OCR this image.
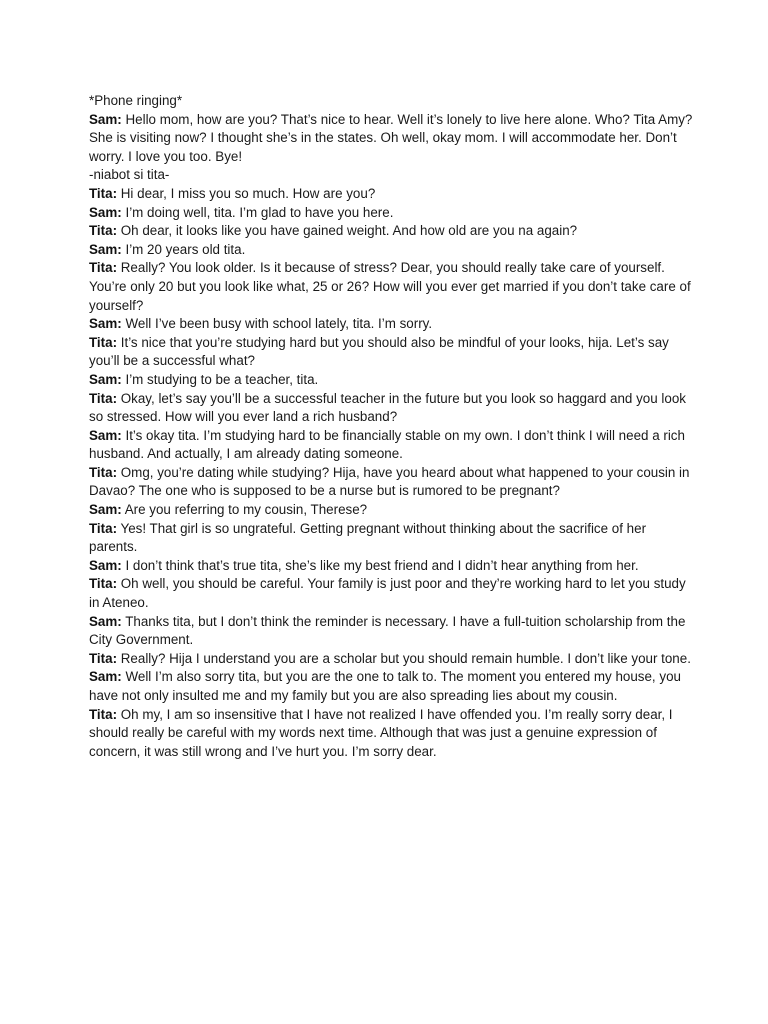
*Phone ringing*

Sam: Hello mom, how are you? That’s nice to hear. Well it’s lonely to live here alone. Who? Tita Amy? She is visiting now? I thought she’s in the states. Oh well, okay mom. I will accommodate her. Don’t worry. I love you too. Bye!

-niabot si tita-

Tita: Hi dear, I miss you so much. How are you?

Sam: I’m doing well, tita. I’m glad to have you here.

Tita: Oh dear, it looks like you have gained weight. And how old are you na again?

Sam: I’m 20 years old tita.

Tita: Really? You look older. Is it because of stress? Dear, you should really take care of yourself. You’re only 20 but you look like what, 25 or 26? How will you ever get married if you don’t take care of yourself?

Sam: Well I’ve been busy with school lately, tita. I’m sorry.

Tita: It’s nice that you’re studying hard but you should also be mindful of your looks, hija. Let’s say you’ll be a successful what?

Sam: I’m studying to be a teacher, tita.

Tita: Okay, let’s say you’ll be a successful teacher in the future but you look so haggard and you look so stressed. How will you ever land a rich husband?

Sam: It’s okay tita. I’m studying hard to be financially stable on my own. I don’t think I will need a rich husband. And actually, I am already dating someone.

Tita: Omg, you’re dating while studying? Hija, have you heard about what happened to your cousin in Davao? The one who is supposed to be a nurse but is rumored to be pregnant?

Sam: Are you referring to my cousin, Therese?

Tita: Yes! That girl is so ungrateful. Getting pregnant without thinking about the sacrifice of her parents.

Sam: I don’t think that’s true tita, she’s like my best friend and I didn’t hear anything from her.

Tita: Oh well, you should be careful. Your family is just poor and they’re working hard to let you study in Ateneo.

Sam: Thanks tita, but I don’t think the reminder is necessary. I have a full-tuition scholarship from the City Government.

Tita: Really? Hija I understand you are a scholar but you should remain humble. I don’t like your tone.

Sam: Well I’m also sorry tita, but you are the one to talk to. The moment you entered my house, you have not only insulted me and my family but you are also spreading lies about my cousin.

Tita: Oh my, I am so insensitive that I have not realized I have offended you. I’m really sorry dear, I should really be careful with my words next time. Although that was just a genuine expression of concern, it was still wrong and I’ve hurt you. I’m sorry dear.
